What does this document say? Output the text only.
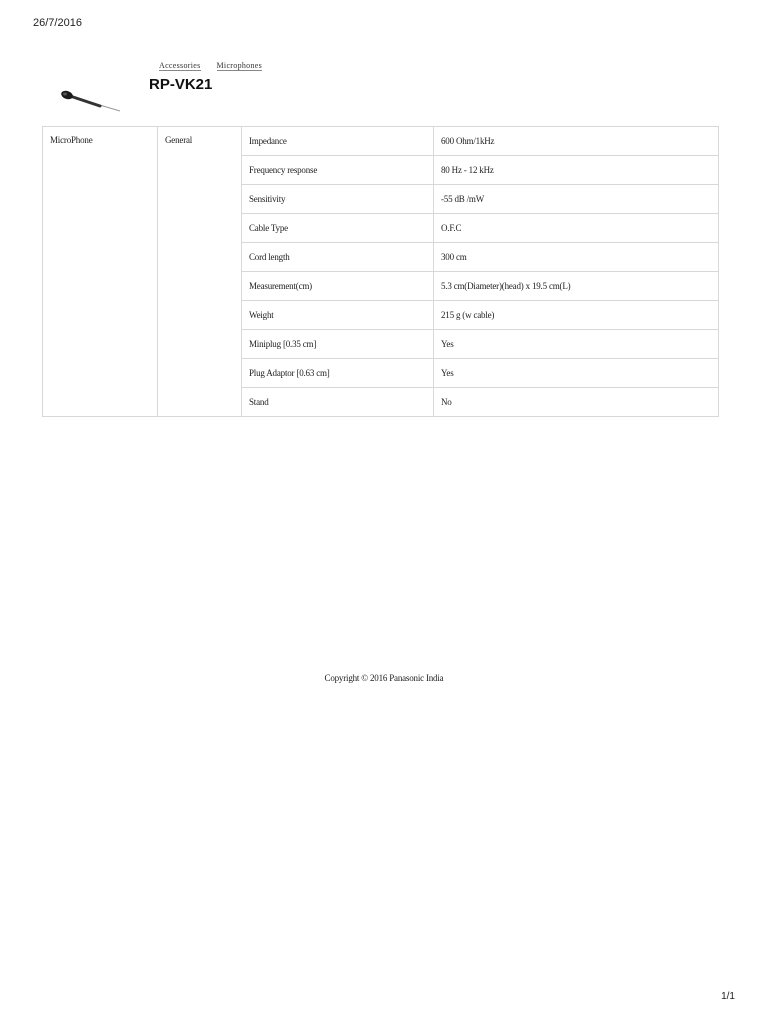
26/7/2016
Accessories Microphones
RP-VK21
MicroPhone	General	Impedance	600 Ohm/1kHz
		Frequency response	80 Hz - 12 kHz
		Sensitivity	-55 dB /mW
		Cable Type	O.F.C
		Cord length	300 cm
		Measurement(cm)	5.3 cm(Diameter)(head) x 19.5 cm(L)
		Weight	215 g (w cable)
		Miniplug [0.35 cm]	Yes
		Plug Adaptor [0.63 cm]	Yes
		Stand	No
Copyright © 2016 Panasonic India
1/1
